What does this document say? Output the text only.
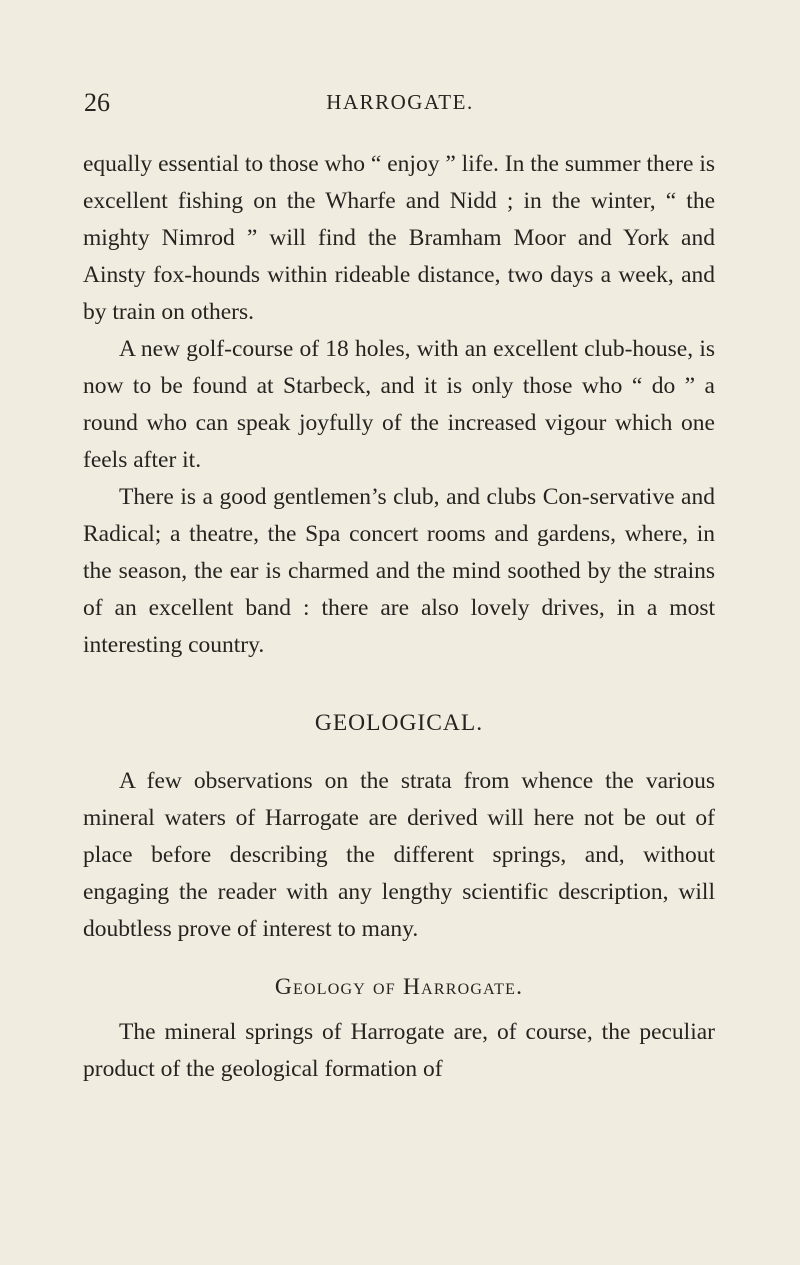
26	HARROGATE.

equally essential to those who “ enjoy ” life. In the summer there is excellent fishing on the Wharfe and Nidd ; in the winter, “ the mighty Nimrod ” will find the Bramham Moor and York and Ainsty fox-hounds within rideable distance, two days a week, and by train on others.

A new golf-course of 18 holes, with an excellent club-house, is now to be found at Starbeck, and it is only those who “ do ” a round who can speak joyfully of the increased vigour which one feels after it.

There is a good gentlemen’s club, and clubs Con-servative and Radical; a theatre, the Spa concert rooms and gardens, where, in the season, the ear is charmed and the mind soothed by the strains of an excellent band : there are also lovely drives, in a most interesting country.

GEOLOGICAL.

A few observations on the strata from whence the various mineral waters of Harrogate are derived will here not be out of place before describing the different springs, and, without engaging the reader with any lengthy scientific description, will doubtless prove of interest to many.

Geology of Harrogate.

The mineral springs of Harrogate are, of course, the peculiar product of the geological formation of
